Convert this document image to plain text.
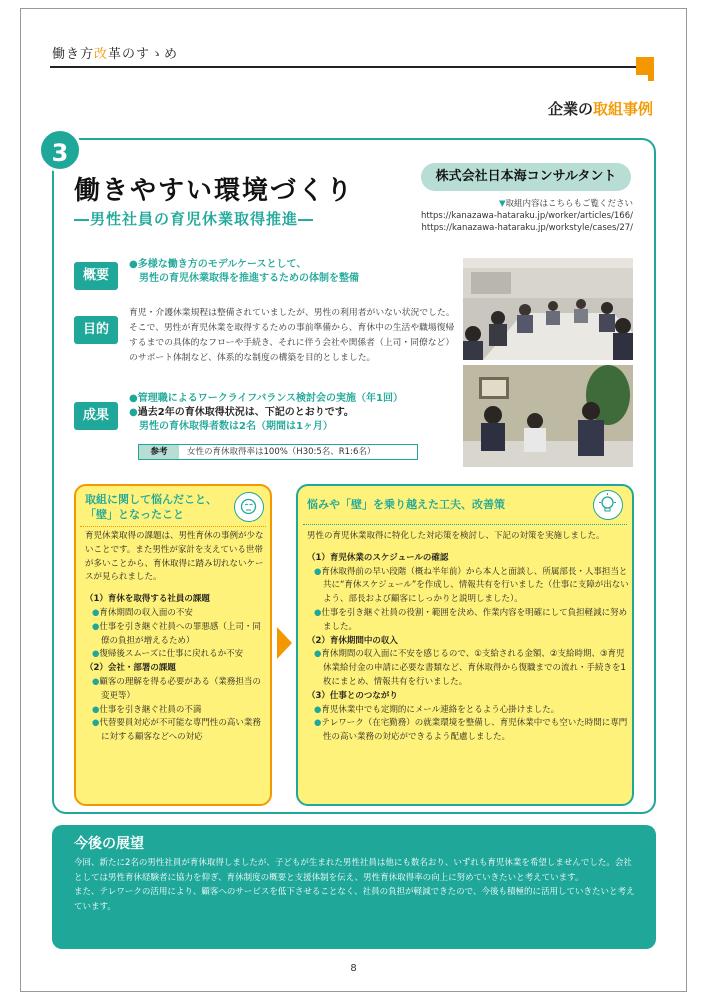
働き方改革のすゝめ
企業の取組事例
3
働きやすい環境づくり
―男性社員の育児休業取得推進―
株式会社日本海コンサルタント
▼取組内容はこちらもご覧ください
https://kanazawa-hataraku.jp/worker/articles/166/
https://kanazawa-hataraku.jp/workstyle/cases/27/
概要
●多様な働き方のモデルケースとして、
男性の育児休業取得を推進するための体制を整備
目的
育児・介護休業規程は整備されていましたが、男性の利用者がいない状況でした。そこで、男性が育児休業を取得するための事前準備から、育休中の生活や職場復帰するまでの具体的なフローや手続き、それに伴う会社や関係者（上司・同僚など）のサポート体制など、体系的な制度の構築を目的としました。
成果
●管理職によるワークライフバランス検討会の実施（年1回）
●過去2年の育休取得状況は、下記のとおりです。
男性の育休取得者数は2名（期間は1ヶ月）
参考 女性の育休取得率は100%（H30:5名、R1:6名）
取組に関して悩んだこと、
「壁」となったこと
悩みや「壁」を乗り越えた工夫、改善策
育児休業取得の課題は、男性育休の事例が少ないことです。また男性が家計を支えている世帯が多いことから、育休取得に踏み切れないケースが見られました。
（1）育休を取得する社員の課題
●育休期間の収入面の不安
●仕事を引き継ぐ社員への罪悪感（上司・同僚の負担が増えるため）
●復帰後スムーズに仕事に戻れるか不安
（2）会社・部署の課題
●顧客の理解を得る必要がある（業務担当の変更等）
●仕事を引き継ぐ社員の不満
●代替要員対応が不可能な専門性の高い業務に対する顧客などへの対応
男性の育児休業取得に特化した対応策を検討し、下記の対策を実施しました。
（1）育児休業のスケジュールの確認
●育休取得前の早い段階（概ね半年前）から本人と面談し、所属部長・人事担当と共に“育休スケジュール”を作成し、情報共有を行いました（仕事に支障が出ないよう、部長および顧客にしっかりと説明しました）。
●仕事を引き継ぐ社員の役割・範囲を決め、作業内容を明確にして負担軽減に努めました。
（2）育休期間中の収入
●育休期間の収入面に不安を感じるので、①支給される金額、②支給時期、③育児休業給付金の申請に必要な書類など、育休取得から復職までの流れ・手続きを1枚にまとめ、情報共有を行いました。
（3）仕事とのつながり
●育児休業中でも定期的にメール連絡をとるよう心掛けました。
●テレワーク（在宅勤務）の就業環境を整備し、育児休業中でも空いた時間に専門性の高い業務の対応ができるよう配慮しました。
今後の展望
今回、新たに2名の男性社員が育休取得しましたが、子どもが生まれた男性社員は他にも数名おり、いずれも育児休業を希望しませんでした。会社としては男性育休経験者に協力を仰ぎ、育休制度の概要と支援体制を伝え、男性育休取得率の向上に努めていきたいと考えています。
また、テレワークの活用により、顧客へのサービスを低下させることなく、社員の負担が軽減できたので、今後も積極的に活用していきたいと考えています。
8
